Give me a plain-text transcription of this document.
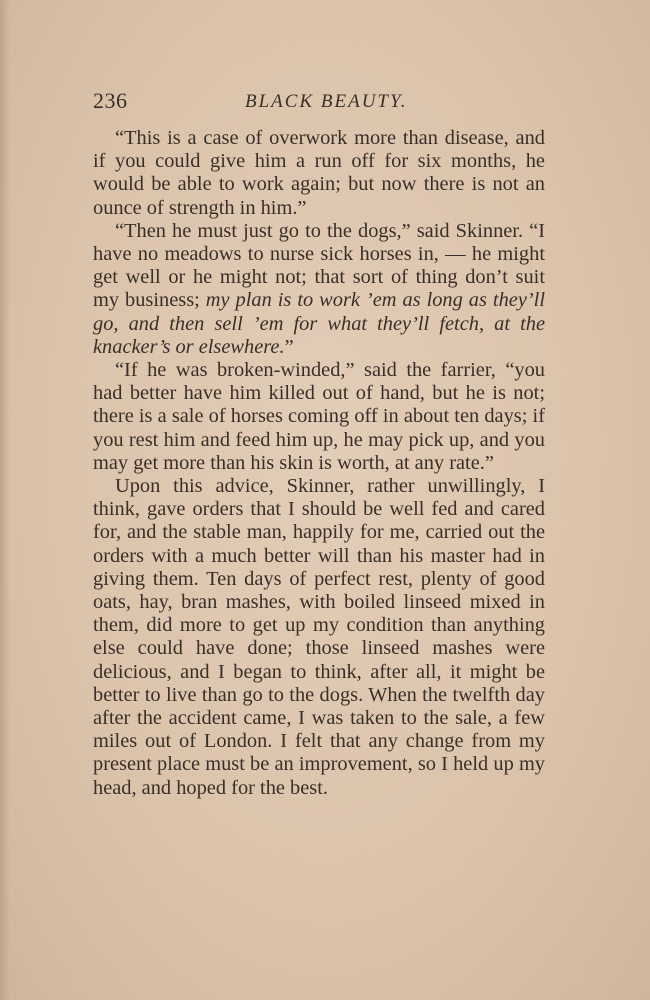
236	BLACK BEAUTY.

“This is a case of overwork more than disease, and if you could give him a run off for six months, he would be able to work again; but now there is not an ounce of strength in him.”

“Then he must just go to the dogs,” said Skinner. “I have no meadows to nurse sick horses in, — he might get well or he might not; that sort of thing don’t suit my business; my plan is to work ’em as long as they’ll go, and then sell ’em for what they’ll fetch, at the knacker’s or elsewhere.”

“If he was broken-winded,” said the farrier, “you had better have him killed out of hand, but he is not; there is a sale of horses coming off in about ten days; if you rest him and feed him up, he may pick up, and you may get more than his skin is worth, at any rate.”

Upon this advice, Skinner, rather unwillingly, I think, gave orders that I should be well fed and cared for, and the stable man, happily for me, carried out the orders with a much better will than his master had in giving them. Ten days of perfect rest, plenty of good oats, hay, bran mashes, with boiled linseed mixed in them, did more to get up my condition than anything else could have done; those linseed mashes were delicious, and I began to think, after all, it might be better to live than go to the dogs. When the twelfth day after the accident came, I was taken to the sale, a few miles out of London. I felt that any change from my present place must be an improvement, so I held up my head, and hoped for the best.
